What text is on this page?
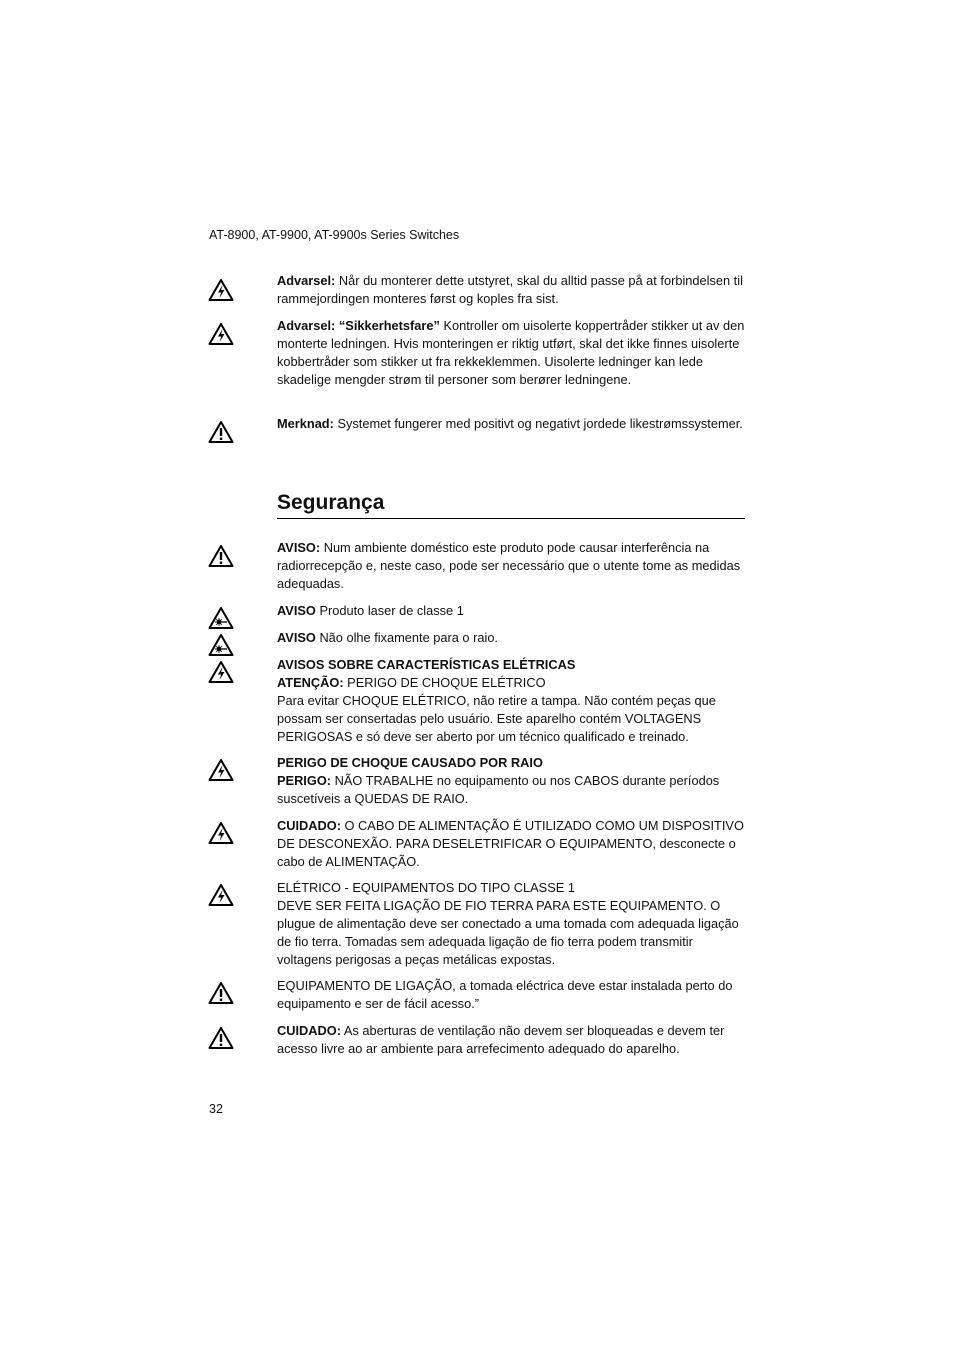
AT-8900, AT-9900, AT-9900s Series Switches
Advarsel: Når du monterer dette utstyret, skal du alltid passe på at forbindelsen til rammejordingen monteres først og koples fra sist.
Advarsel: “Sikkerhetsfare” Kontroller om uisolerte koppertråder stikker ut av den monterte ledningen. Hvis monteringen er riktig utført, skal det ikke finnes uisolerte kobbertråder som stikker ut fra rekkeklemmen. Uisolerte ledninger kan lede skadelige mengder strøm til personer som berører ledningene.
Merknad: Systemet fungerer med positivt og negativt jordede likestrømssystemer.
Segurança
AVISO: Num ambiente doméstico este produto pode causar interferência na radiorrecepção e, neste caso, pode ser necessário que o utente tome as medidas adequadas.
AVISO Produto laser de classe 1
AVISO Não olhe fixamente para o raio.
AVISOS SOBRE CARACTERÍSTICAS ELÉTRICAS
ATENÇÃO: PERIGO DE CHOQUE ELÉTRICO
Para evitar CHOQUE ELÉTRICO, não retire a tampa. Não contém peças que possam ser consertadas pelo usuário. Este aparelho contém VOLTAGENS PERIGOSAS e só deve ser aberto por um técnico qualificado e treinado.
PERIGO DE CHOQUE CAUSADO POR RAIO
PERIGO: NÃO TRABALHE no equipamento ou nos CABOS durante períodos suscetíveis a QUEDAS DE RAIO.
CUIDADO: O CABO DE ALIMENTAÇÃO É UTILIZADO COMO UM DISPOSITIVO DE DESCONEXÃO. PARA DESELETRIFICAR O EQUIPAMENTO, desconecte o cabo de ALIMENTAÇÃO.
ELÉTRICO - EQUIPAMENTOS DO TIPO CLASSE 1
DEVE SER FEITA LIGAÇÃO DE FIO TERRA PARA ESTE EQUIPAMENTO. O
plugue de alimentação deve ser conectado a uma tomada com adequada ligação de fio terra. Tomadas sem adequada ligação de fio terra podem transmitir voltagens perigosas a peças metálicas expostas.
EQUIPAMENTO DE LIGAÇÃO, a tomada eléctrica deve estar instalada perto do equipamento e ser de fácil acesso.”
CUIDADO: As aberturas de ventilação não devem ser bloqueadas e devem ter acesso livre ao ar ambiente para arrefecimento adequado do aparelho.
32
